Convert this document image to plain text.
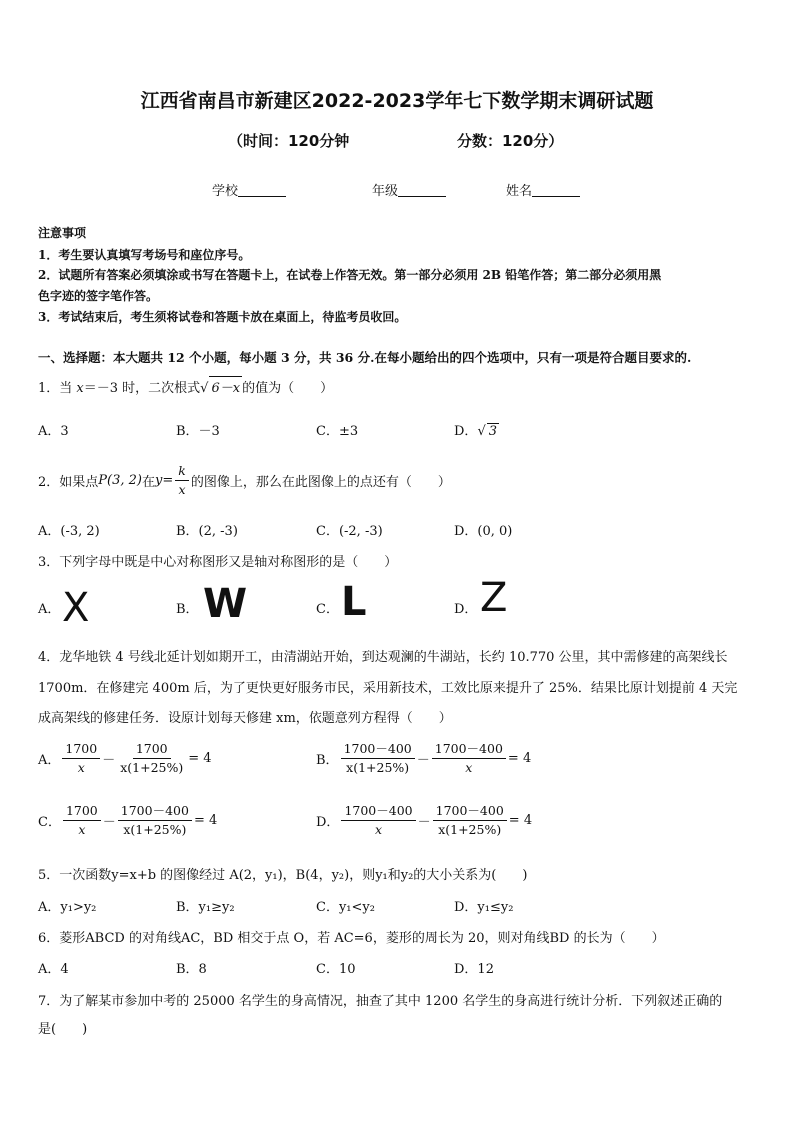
江西省南昌市新建区2022-2023学年七下数学期末调研试题
（时间：120分钟	分数：120分）
学校	年级	姓名
注意事项
1．考生要认真填写考场号和座位序号。
2．试题所有答案必须填涂或书写在答题卡上，在试卷上作答无效。第一部分必须用 2B 铅笔作答；第二部分必须用黑
色字迹的签字笔作答。
3．考试结束后，考生须将试卷和答题卡放在桌面上，待监考员收回。
一、选择题：本大题共 12 个小题，每小题 3 分，共 36 分.在每小题给出的四个选项中，只有一项是符合题目要求的.
1．当 x＝－3 时，二次根式√ 6－x 的值为（　　）
A．3	B．－3	C．±3	D．√ 3
2．如果点 P(3, 2) 在 $y = \frac{k}{x}$ 的图像上，那么在此图像上的点还有（　　）
A．(-3, 2)	B．(2, -3)	C．(-2, -3)	D．(0, 0)
3．下列字母中既是中心对称图形又是轴对称图形的是（　　）
A． X	B． W	C． L	D． Z
4．龙华地铁 4 号线北延计划如期开工，由清湖站开始，到达观澜的牛湖站，长约 10.770 公里，其中需修建的高架线长
1700m．在修建完 400m 后，为了更快更好服务市民，采用新技术，工效比原来提升了 25%．结果比原计划提前 4 天完
成高架线的修建任务．设原计划每天修建 xm，依题意列方程得（　　）
A． $\frac{1700}{x} - \frac{1700}{x(1+25\%)} = 4$	B． $\frac{1700-400}{x(1+25\%)} - \frac{1700-400}{x} = 4$
C． $\frac{1700}{x} - \frac{1700-400}{x(1+25\%)} = 4$	D． $\frac{1700-400}{x} - \frac{1700-400}{x(1+25\%)} = 4$
5．一次函数y=x+b 的图像经过 A(2，y₁)，B(4，y₂)，则y₁和y₂的大小关系为(　　)
A．y₁>y₂	B．y₁≥y₂	C．y₁<y₂	D．y₁≤y₂
6．菱形ABCD 的对角线AC，BD 相交于点 O，若 AC=6，菱形的周长为 20，则对角线BD 的长为（　　）
A．4	B．8	C．10	D．12
7．为了解某市参加中考的 25000 名学生的身高情况，抽查了其中 1200 名学生的身高进行统计分析．下列叙述正确的
是(　　)
